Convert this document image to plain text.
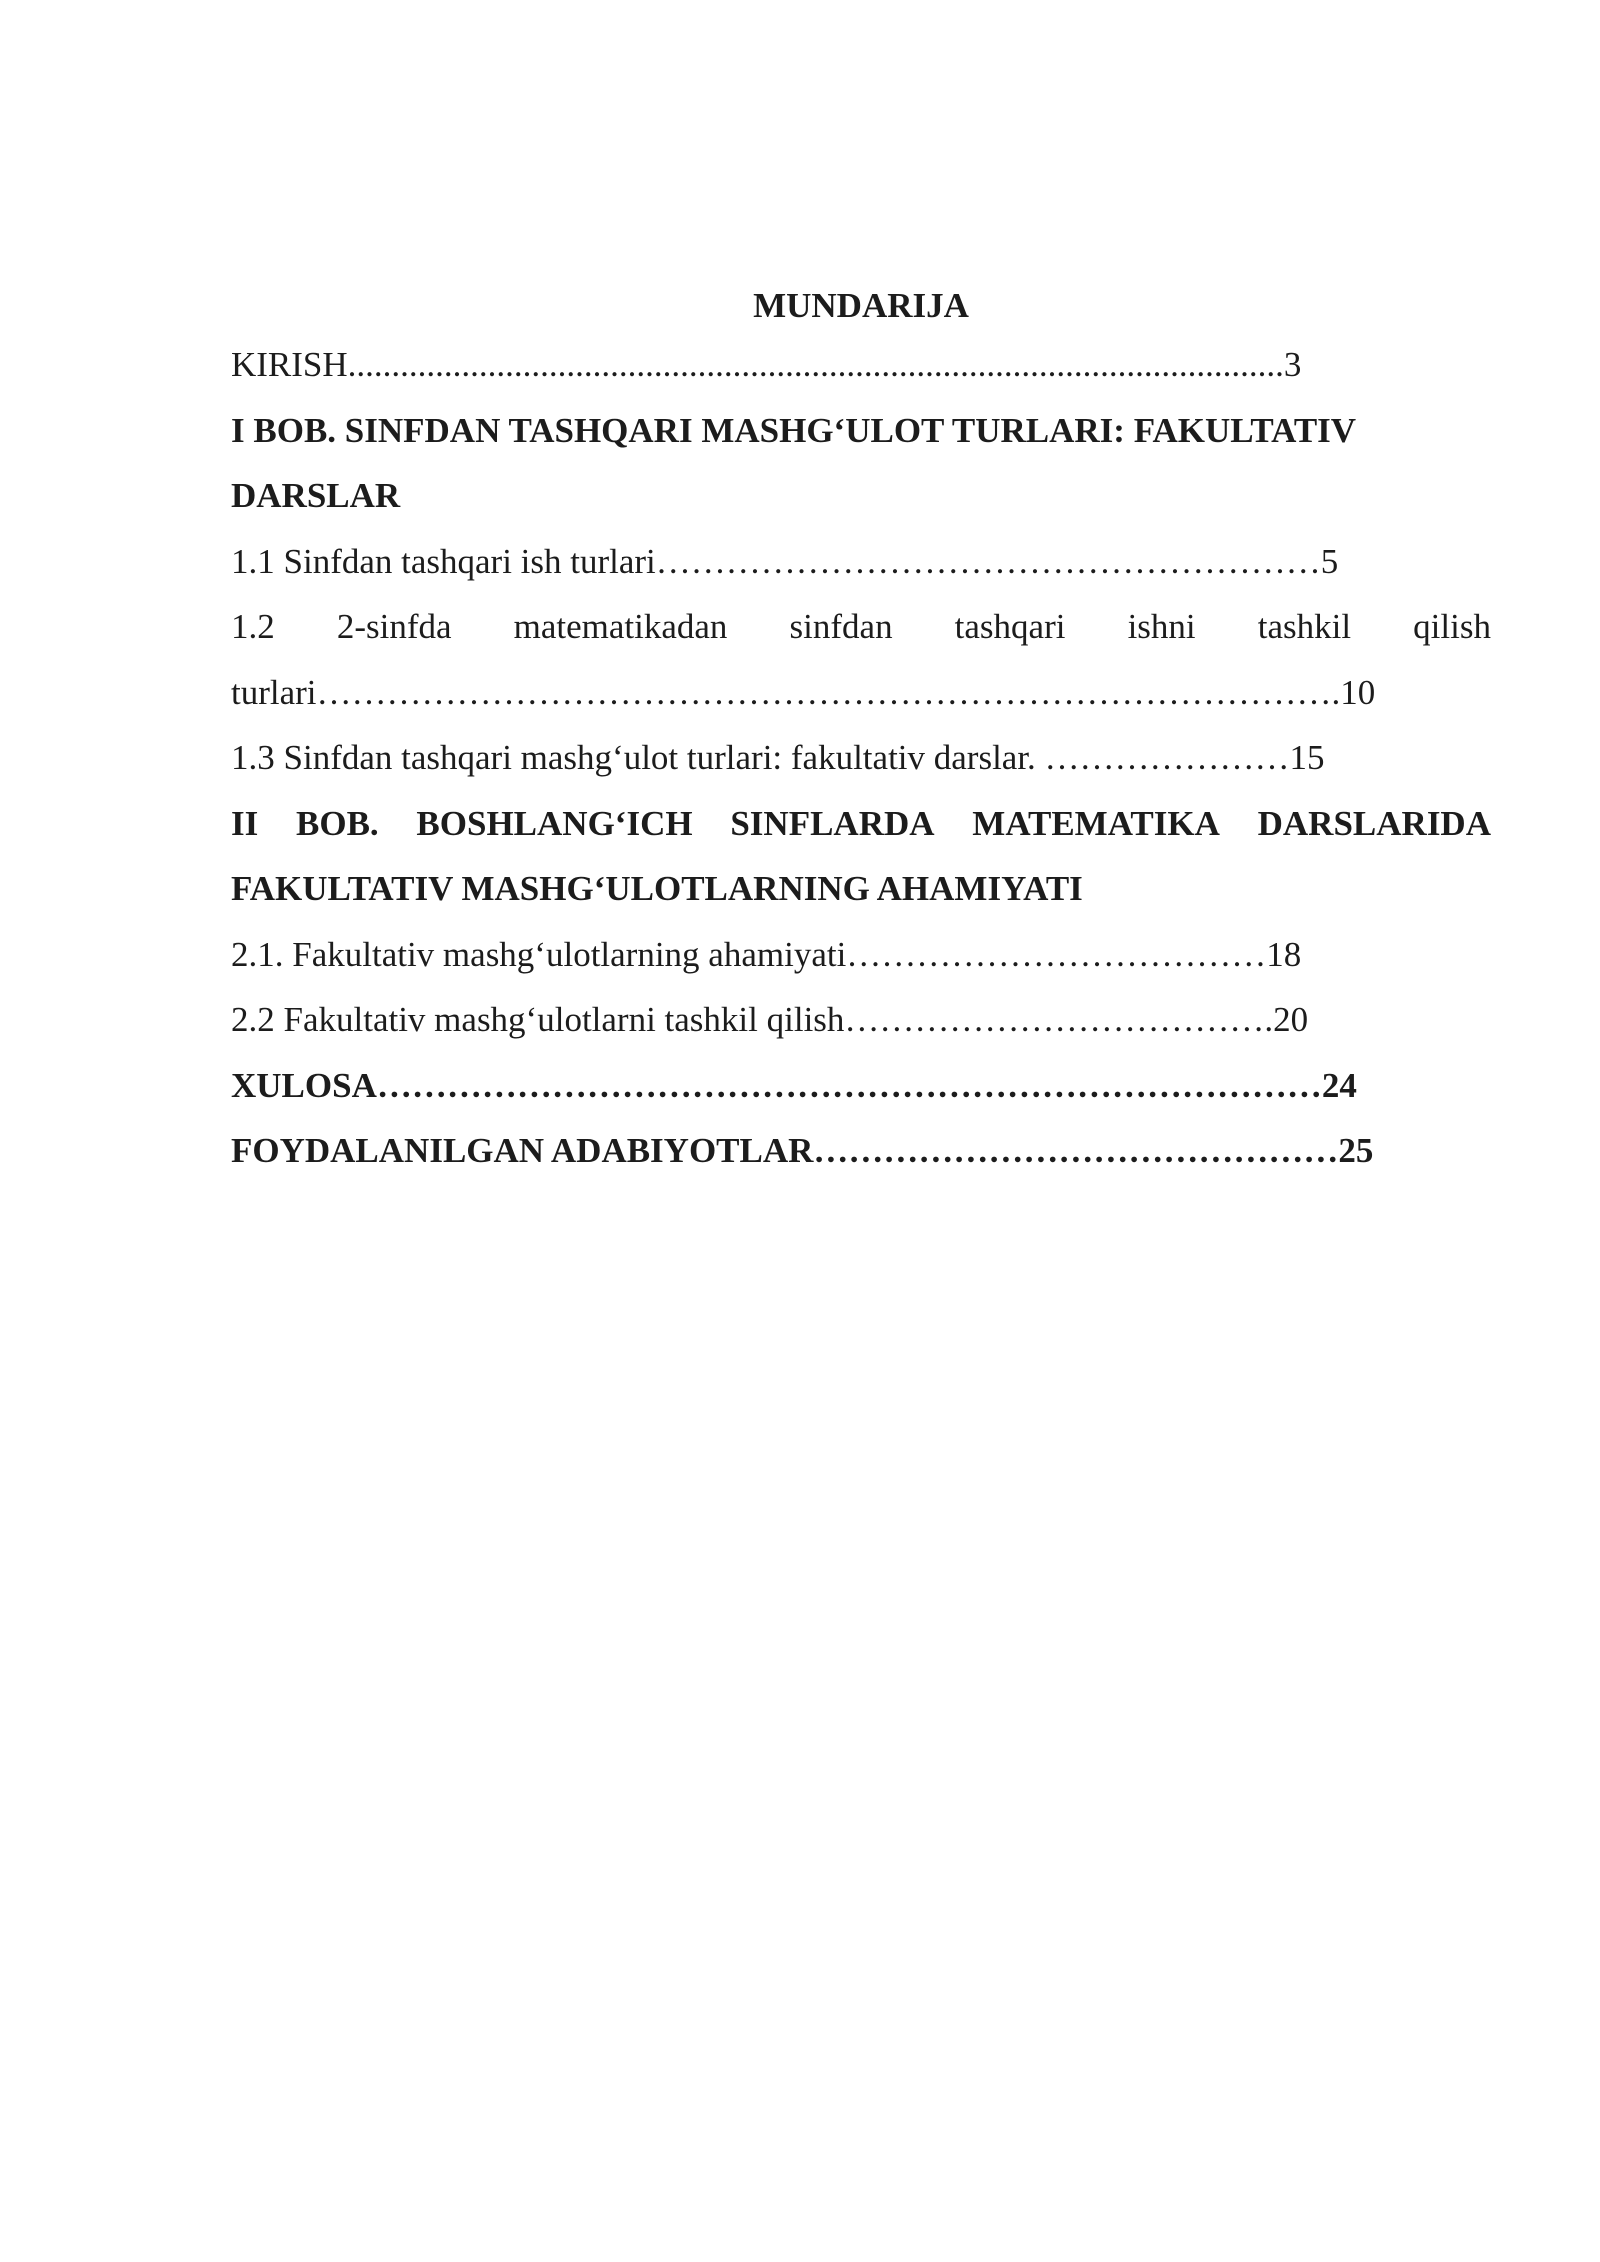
MUNDARIJA
KIRISH...........................................................................................................3
I BOB. SINFDAN TASHQARI MASHG‘ULOT TURLARI: FAKULTATIV
DARSLAR
1.1 Sinfdan tashqari ish turlari…………………………………………………5
1.2 2-sinfda matematikadan sinfdan tashqari ishni tashkil qilish
turlari…………………………………………………………………………….10
1.3 Sinfdan tashqari mashg‘ulot turlari: fakultativ darslar. …………………15
II BOB. BOSHLANG‘ICH SINFLARDA MATEMATIKA DARSLARIDA
FAKULTATIV MASHG‘ULOTLARNING AHAMIYATI
2.1. Fakultativ mashg‘ulotlarning ahamiyati………………………………18
2.2 Fakultativ mashg‘ulotlarni tashkil qilish……………………………….20
XULOSA………………………………………………………………………24
FOYDALANILGAN ADABIYOTLAR………………………………………25
